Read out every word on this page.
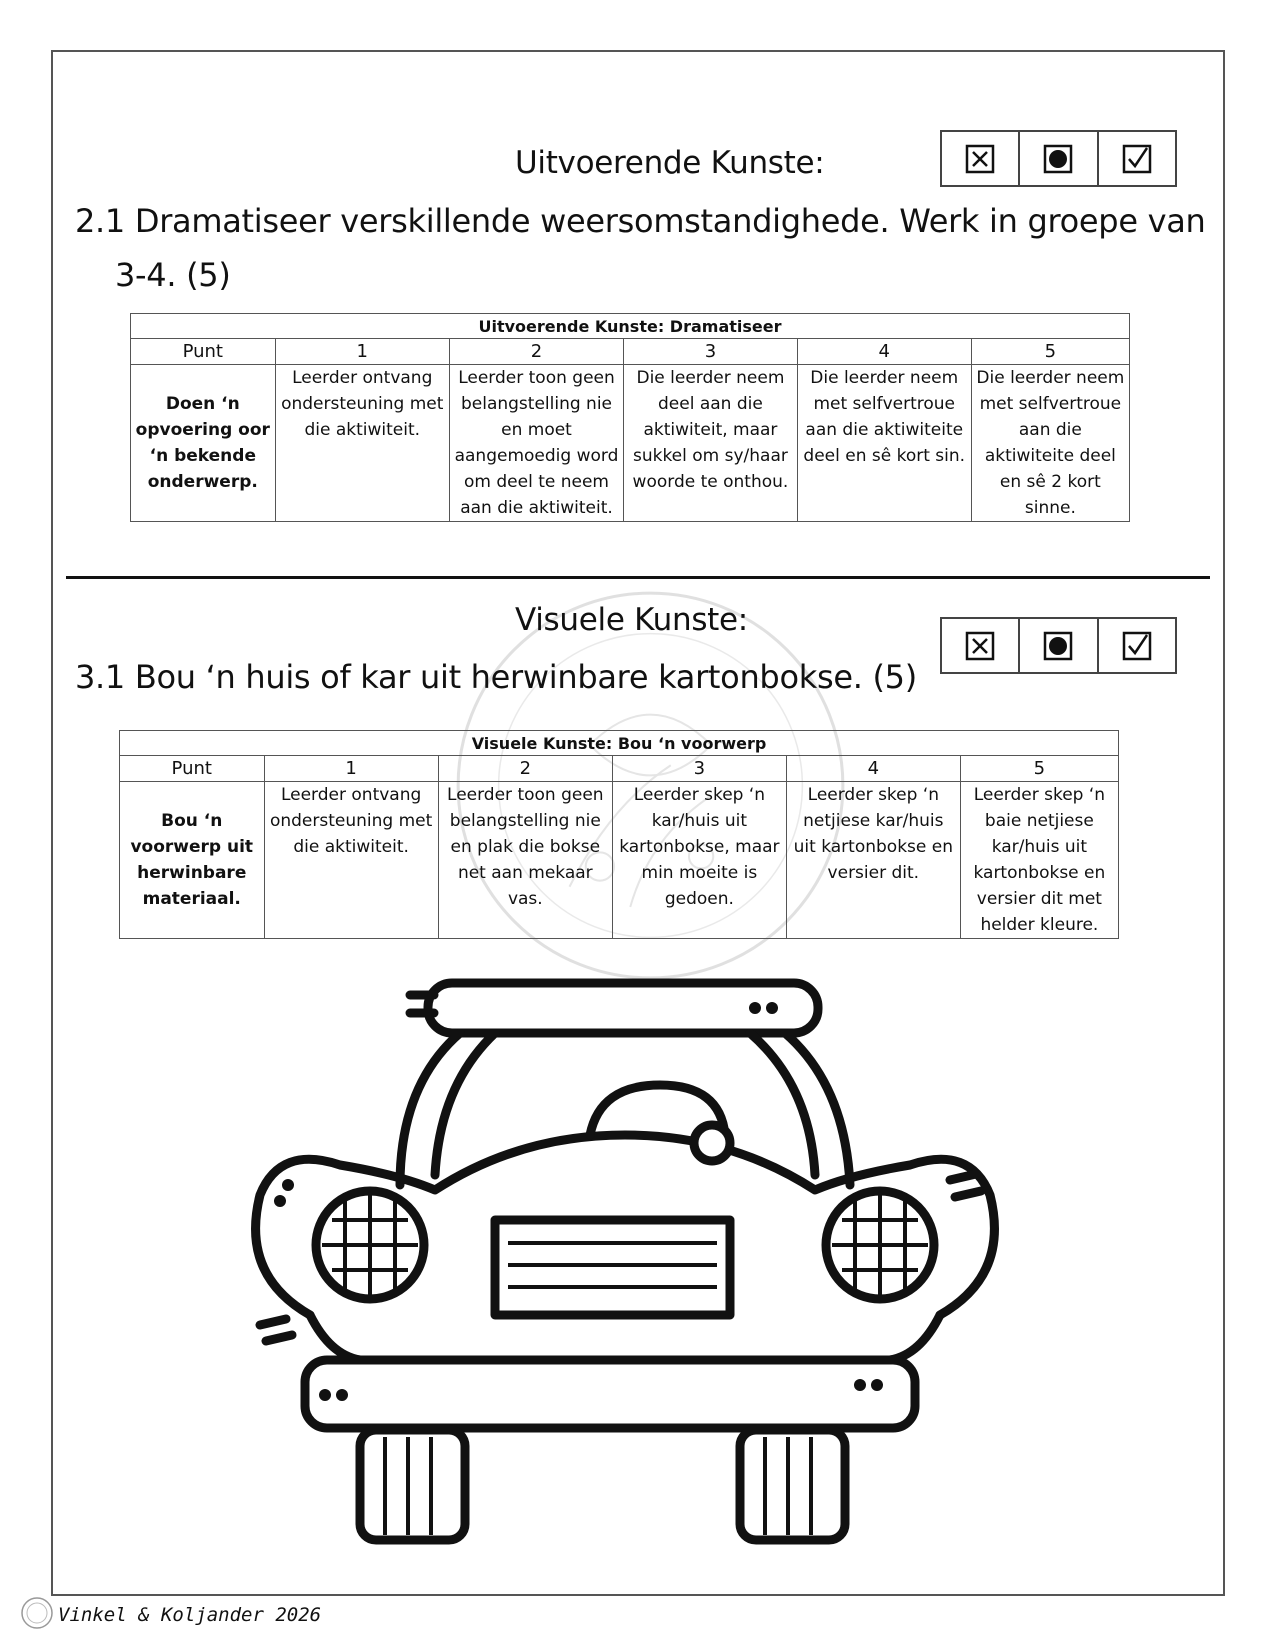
Uitvoerende Kunste:
2.1 Dramatiseer verskillende weersomstandighede. Werk in groepe van
3-4. (5)
Uitvoerende Kunste: Dramatiseer					
Punt	1	2	3	4	5
Doen ‘n opvoering oor ‘n bekende onderwerp.	Leerder ontvang ondersteuning met die aktiwiteit.	Leerder toon geen belangstelling nie en moet aangemoedig word om deel te neem aan die aktiwiteit.	Die leerder neem deel aan die aktiwiteit, maar sukkel om sy/haar woorde te onthou.	Die leerder neem met selfvertroue aan die aktiwiteite deel en sê kort sin.	Die leerder neem met selfvertroue aan die aktiwiteite deel en sê 2 kort sinne.
Visuele Kunste:
3.1 Bou ‘n huis of kar uit herwinbare kartonbokse. (5)
Visuele Kunste: Bou ‘n voorwerp					
Punt	1	2	3	4	5
Bou ‘n voorwerp uit herwinbare materiaal.	Leerder ontvang ondersteuning met die aktiwiteit.	Leerder toon geen belangstelling nie en plak die bokse net aan mekaar vas.	Leerder skep ‘n kar/huis uit kartonbokse, maar min moeite is gedoen.	Leerder skep ‘n netjiese kar/huis uit kartonbokse en versier dit.	Leerder skep ‘n baie netjiese kar/huis uit kartonbokse en versier dit met helder kleure.
Vinkel & Koljander 2026
